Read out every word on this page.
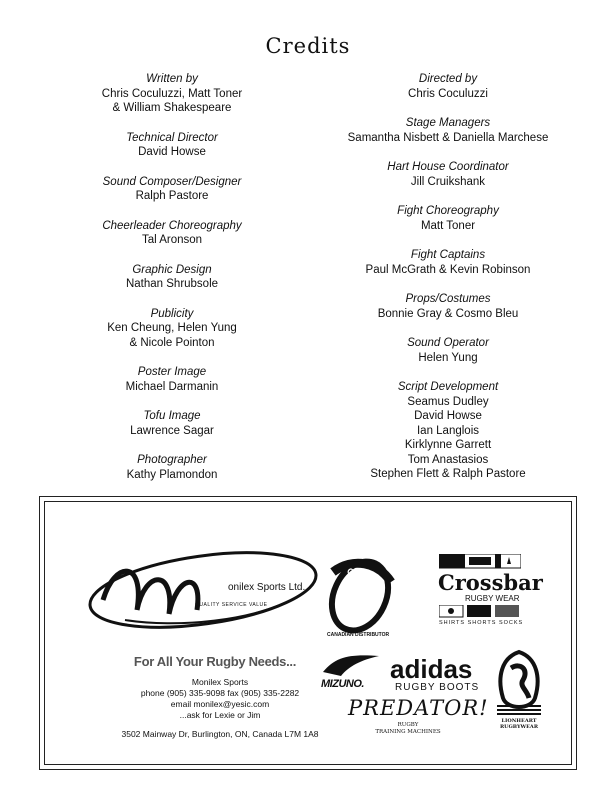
Credits
Written by
Chris Coculuzzi, Matt Toner
& William Shakespeare
Technical Director
David Howse
Sound Composer/Designer
Ralph Pastore
Cheerleader Choreography
Tal Aronson
Graphic Design
Nathan Shrubsole
Publicity
Ken Cheung, Helen Yung
& Nicole Pointon
Poster Image
Michael Darmanin
Tofu Image
Lawrence Sagar
Photographer
Kathy Plamondon
Directed by
Chris Coculuzzi
Stage Managers
Samantha Nisbett & Daniella Marchese
Hart House Coordinator
Jill Cruikshank
Fight Choreography
Matt Toner
Fight Captains
Paul McGrath & Kevin Robinson
Props/Costumes
Bonnie Gray & Cosmo Bleu
Sound Operator
Helen Yung
Script Development
Seamus Dudley
David Howse
Ian Langlois
Kirklynne Garrett
Tom Anastasios
Stephen Flett & Ralph Pastore
onilex Sports Ltd.
QUALITY SERVICE VALUE
For All Your Rugby Needs...
Monilex Sports
phone (905) 335-9098 fax (905) 335-2282
email monilex@yesic.com
...ask for Lexie or Jim
3502 Mainway Dr, Burlington, ON, Canada L7M 1A8
GILBERT
CANADIAN DISTRIBUTOR
Crossbar
RUGBY WEAR
SHIRTS SHORTS SOCKS
MIZUNO. adidas
RUGBY BOOTS
PREDATOR!
RUGBY
TRAINING MACHINES
LIONHEART
RUGBYWEAR
